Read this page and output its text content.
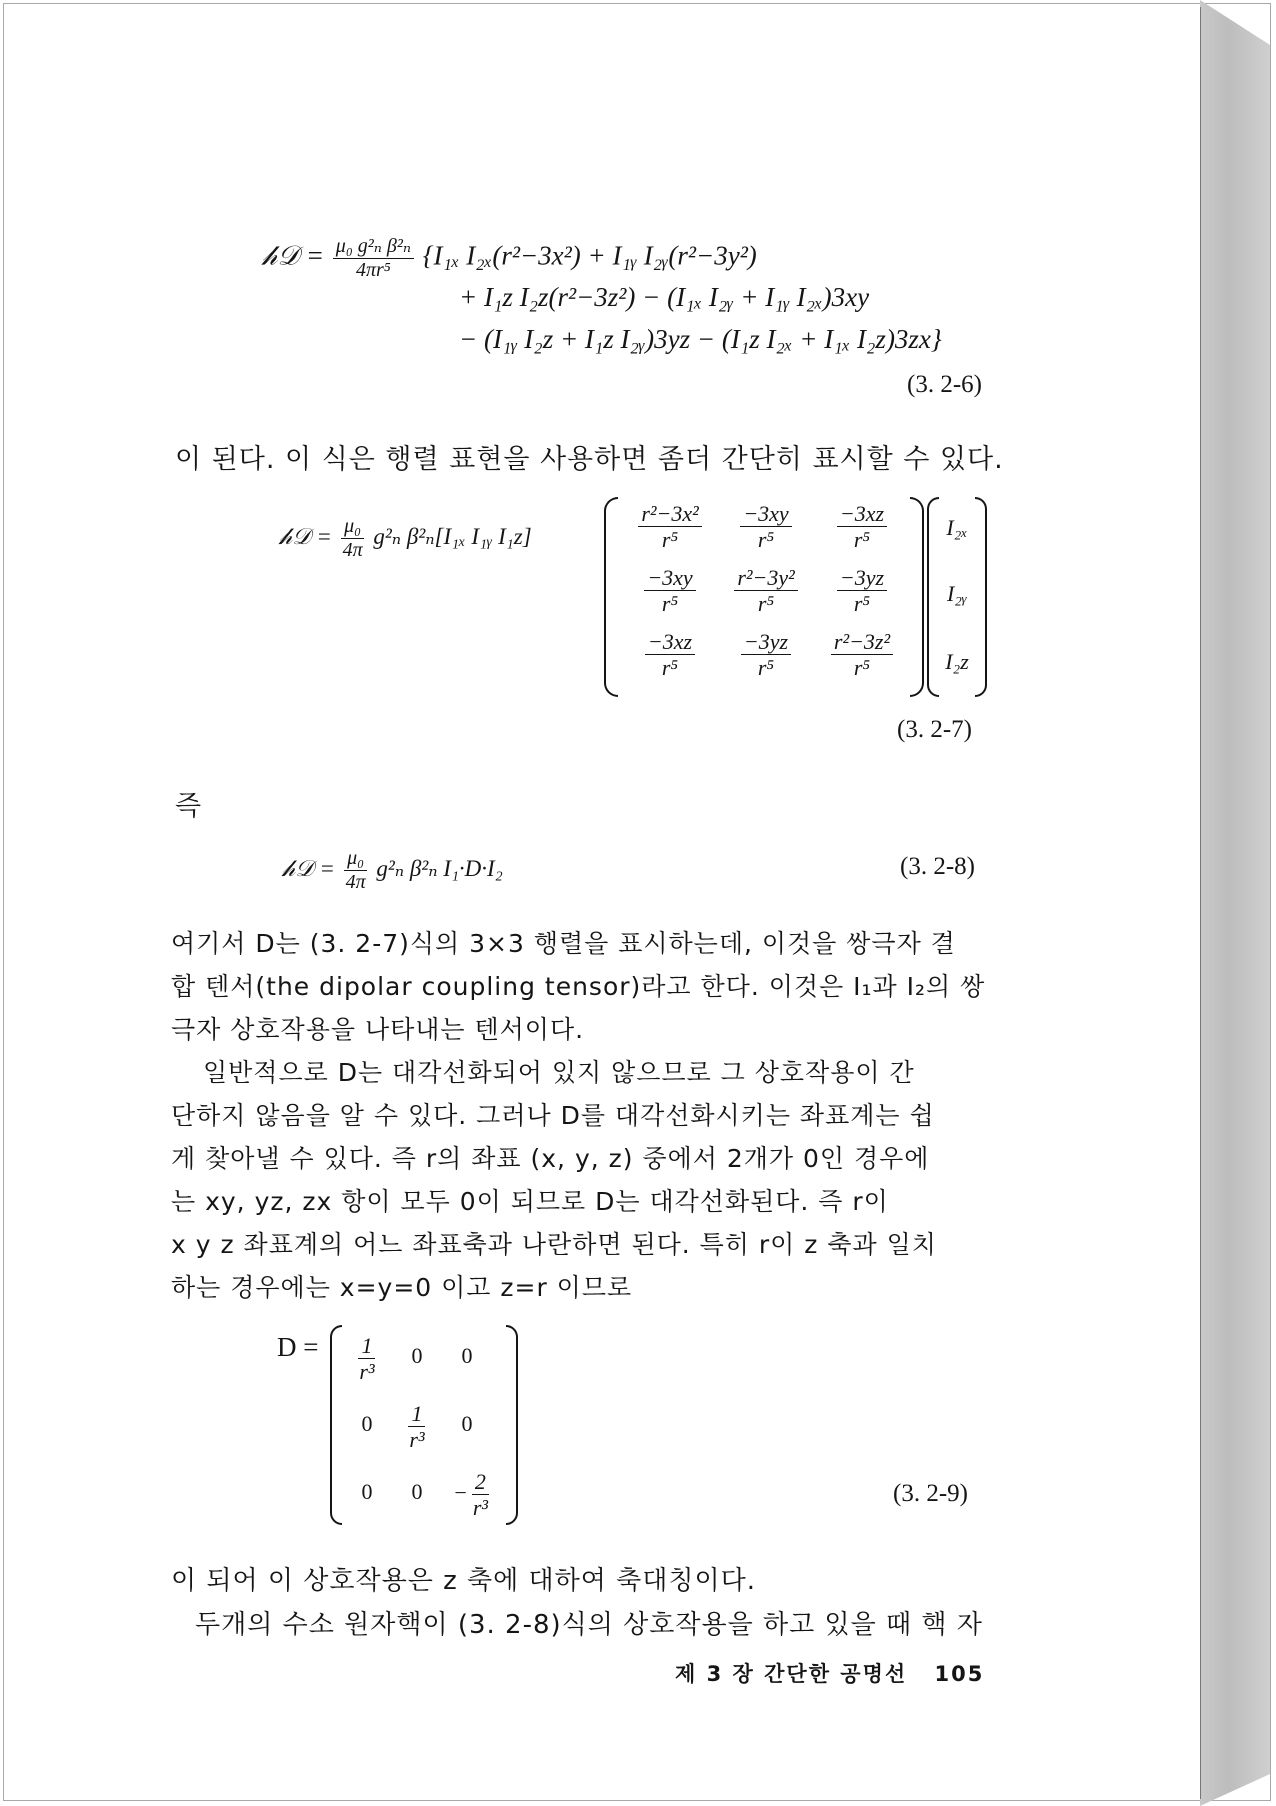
𝒽𝒟 = $\frac{\text{μ₀ g²ₙ β²ₙ}}{\text{4πr⁵}} \{I_{1x}$ I₂ₓ(r²−3x²) + I₁ᵧ I₂ᵧ(r²−3y²)
+ I₁z I₂z(r²−3z²) − (I₁ₓ I₂ᵧ + I₁ᵧ I₂ₓ)3xy
− (I₁ᵧ I₂z + I₁z I₂ᵧ)3yz − (I₁z I₂ₓ + I₁ₓ I₂z)3zx}
(3. 2-6)
이 된다. 이 식은 행렬 표현을 사용하면 좀더 간단히 표시할 수 있다.
𝒽𝒟 = $\frac{\text{μ₀}}{4\pi} g^2_n$ β²ₙ[I₁ₓ I₁ᵧ I₁z]	$\frac{\text{r²−3x²}}{\text{r⁵}} \frac{-3xy}{\text{r⁵}} \frac{-3xz}{\text{r⁵}}$
$\frac{-3xy}{\text{r⁵}} \frac{\text{r²−3y²}}{\text{r⁵}} \frac{-3yz}{\text{r⁵}}$
$\frac{-3xz}{\text{r⁵}} \frac{-3yz}{\text{r⁵}} \frac{\text{r²−3z²}}{\text{r⁵}}$
I₂ₓ
I₂ᵧ
I₂z
(3. 2-7)
즉
𝒽𝒟 = $\frac{\text{μ₀}}{4\pi} g^2_n$ β²ₙ I₁·D·I₂	(3. 2-8)
여기서 D는 (3. 2-7)식의 3×3 행렬을 표시하는데, 이것을 쌍극자 결
합 텐서(the dipolar coupling tensor)라고 한다. 이것은 I₁과 I₂의 쌍
극자 상호작용을 나타내는 텐서이다.
일반적으로 D는 대각선화되어 있지 않으므로 그 상호작용이 간
단하지 않음을 알 수 있다. 그러나 D를 대각선화시키는 좌표계는 쉽
게 찾아낼 수 있다. 즉 r의 좌표 (x, y, z) 중에서 2개가 0인 경우에
는 xy, yz, zx 항이 모두 0이 되므로 D는 대각선화된다. 즉 r이
x y z 좌표계의 어느 좌표축과 나란하면 된다. 특히 r이 z 축과 일치
하는 경우에는 x=y=0 이고 z=r 이므로
$D = \frac{1}{\text{r³}}$	0	0
0	$\frac{1}{\text{r³}}$	0
0	0	− $\frac{2}{\text{r³}}$	(3. 2-9)
이 되어 이 상호작용은 z 축에 대하여 축대칭이다.
두개의 수소 원자핵이 (3. 2-8)식의 상호작용을 하고 있을 때 핵 자
제 3 장 간단한 공명선 105
